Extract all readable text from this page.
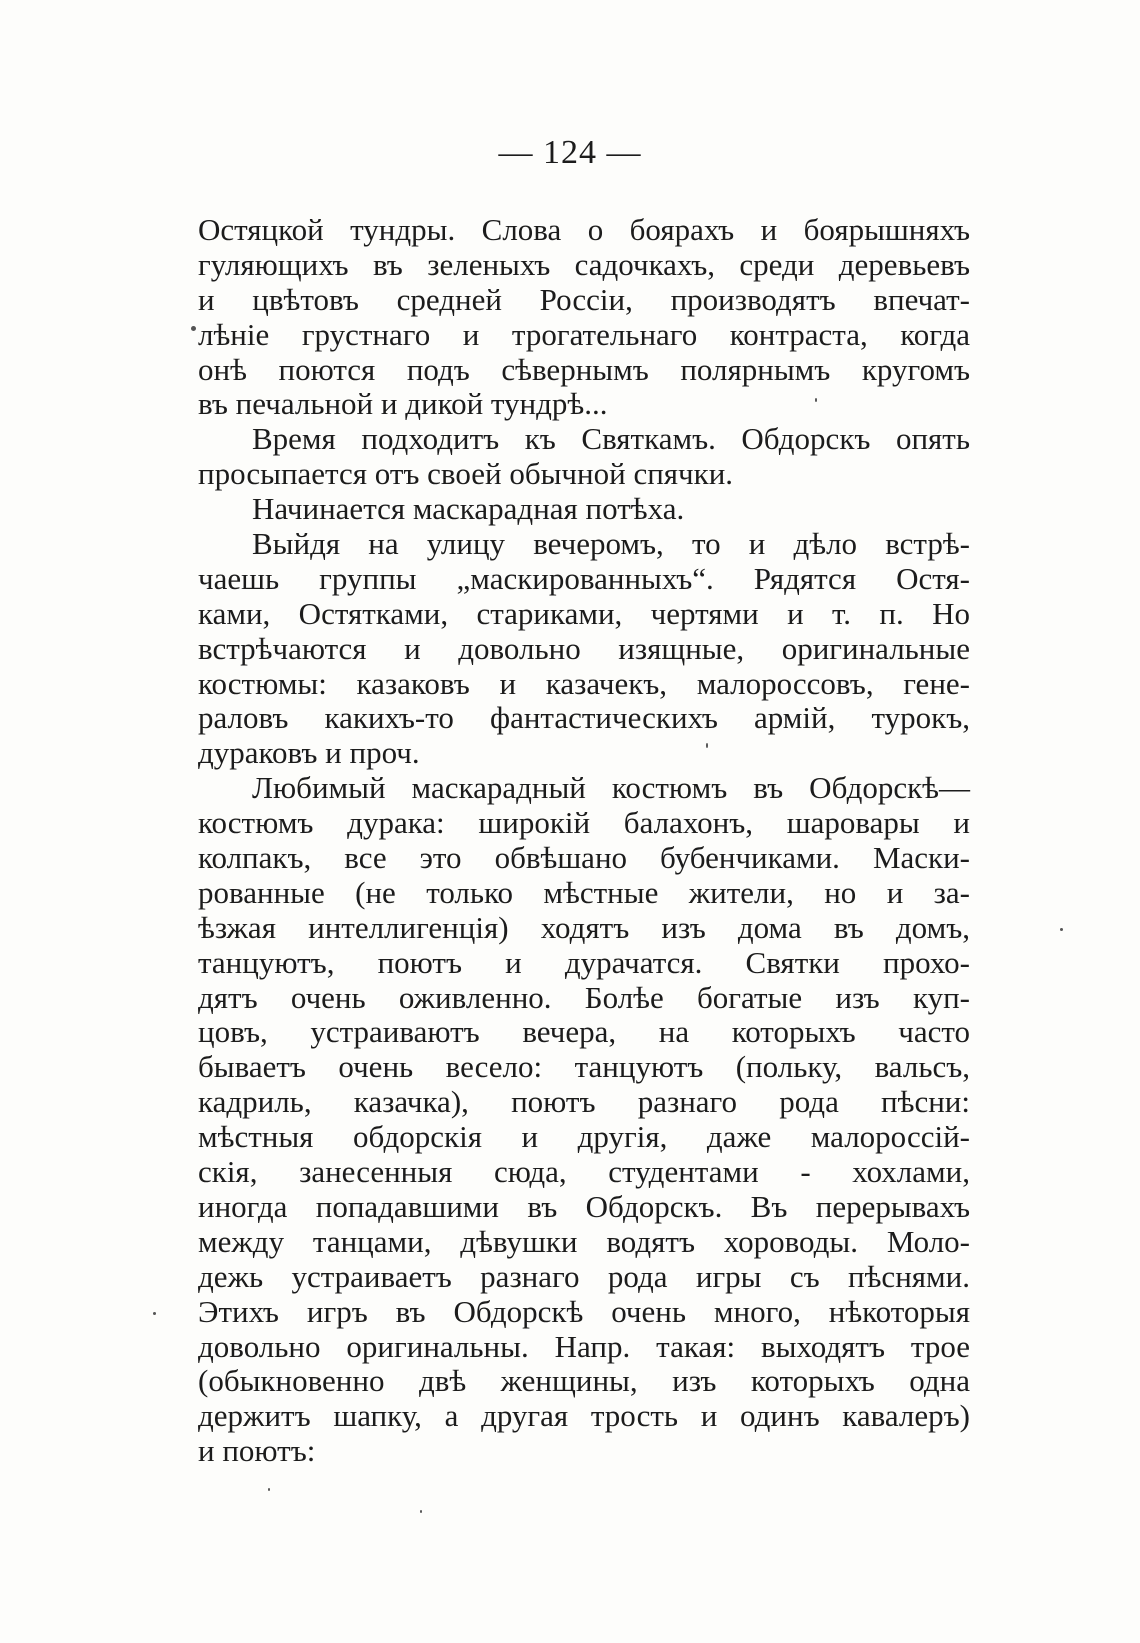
— 124 —
Остяцкой тундры. Слова о боярахъ и боярышняхъ
гуляющихъ въ зеленыхъ садочкахъ, среди деревьевъ
и цвѣтовъ средней Россіи, производятъ впечат-
лѣніе грустнаго и трогательнаго контраста, когда
онѣ поются подъ сѣвернымъ полярнымъ кругомъ
въ печальной и дикой тундрѣ...
Время подходитъ къ Святкамъ. Обдорскъ опять
просыпается отъ своей обычной спячки.
Начинается маскарадная потѣха.
Выйдя на улицу вечеромъ, то и дѣло встрѣ-
чаешь группы „маскированныхъ“. Рядятся Остя-
ками, Остятками, стариками, чертями и т. п. Но
встрѣчаются и довольно изящные, оригинальные
костюмы: казаковъ и казачекъ, малороссовъ, гене-
раловъ какихъ-то фантастическихъ армій, турокъ,
дураковъ и проч.
Любимый маскарадный костюмъ въ Обдорскѣ—
костюмъ дурака: широкій балахонъ, шаровары и
колпакъ, все это обвѣшано бубенчиками. Маски-
рованные (не только мѣстные жители, но и за-
ѣзжая интеллигенція) ходятъ изъ дома въ домъ,
танцуютъ, поютъ и дурачатся. Святки прохо-
дятъ очень оживленно. Болѣе богатые изъ куп-
цовъ, устраиваютъ вечера, на которыхъ часто
бываетъ очень весело: танцуютъ (польку, вальсъ,
кадриль, казачка), поютъ разнаго рода пѣсни:
мѣстныя обдорскія и другія, даже малороссій-
скія, занесенныя сюда, студентами - хохлами,
иногда попадавшими въ Обдорскъ. Въ перерывахъ
между танцами, дѣвушки водятъ хороводы. Моло-
дежь устраиваетъ разнаго рода игры съ пѣснями.
Этихъ игръ въ Обдорскѣ очень много, нѣкоторыя
довольно оригинальны. Напр. такая: выходятъ трое
(обыкновенно двѣ женщины, изъ которыхъ одна
держитъ шапку, а другая трость и одинъ кавалеръ)
и поютъ:
